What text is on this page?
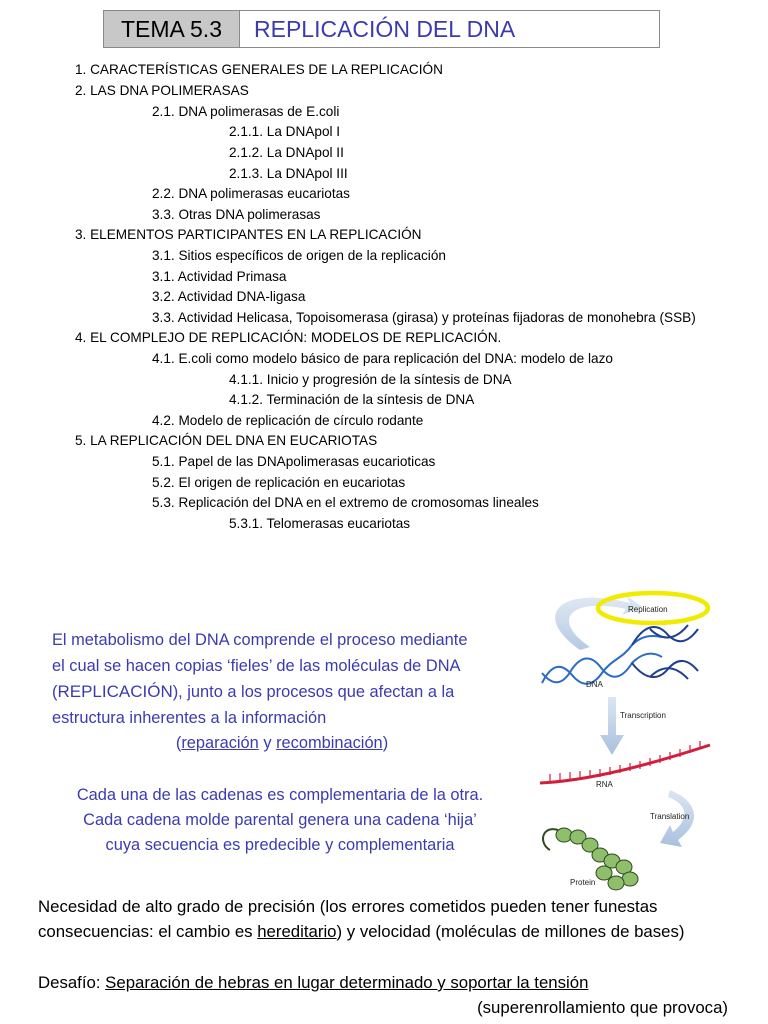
TEMA 5.3	REPLICACIÓN DEL DNA
1. CARACTERÍSTICAS GENERALES DE LA REPLICACIÓN
2. LAS DNA POLIMERASAS
2.1. DNA polimerasas de E.coli
2.1.1. La DNApol I
2.1.2. La DNApol II
2.1.3. La DNApol III
2.2. DNA polimerasas eucariotas
3.3. Otras DNA polimerasas
3. ELEMENTOS PARTICIPANTES EN LA REPLICACIÓN
3.1. Sitios específicos de origen de la replicación
3.1. Actividad Primasa
3.2. Actividad DNA-ligasa
3.3. Actividad Helicasa, Topoisomerasa (girasa) y proteínas fijadoras de monohebra (SSB)
4. EL COMPLEJO DE REPLICACIÓN: MODELOS DE REPLICACIÓN.
4.1. E.coli como modelo básico de para replicación del DNA: modelo de lazo
4.1.1. Inicio y progresión de la síntesis de DNA
4.1.2. Terminación de la síntesis de DNA
4.2. Modelo de replicación de círculo rodante
5. LA REPLICACIÓN DEL DNA EN EUCARIOTAS
5.1. Papel de las DNApolimerasas eucarioticas
5.2. El origen de replicación en eucariotas
5.3. Replicación del DNA en el extremo de cromosomas lineales
5.3.1. Telomerasas eucariotas
El metabolismo del DNA comprende el proceso mediante
el cual se hacen copias ‘fieles’ de las moléculas de DNA
(REPLICACIÓN), junto a los procesos que afectan a la
estructura inherentes a la información

(reparación y recombinación)
Cada una de las cadenas es complementaria de la otra.
Cada cadena molde parental genera una cadena ‘hija’
cuya secuencia es predecible y complementaria
Necesidad de alto grado de precisión (los errores cometidos pueden tener funestas consecuencias: el cambio es hereditario) y velocidad (moléculas de millones de bases)
Desafío: Separación de hebras en lugar determinado y soportar la tensión
(superenrollamiento que provoca)
Replication
DNA
Transcription
RNA
Translation
Protein
